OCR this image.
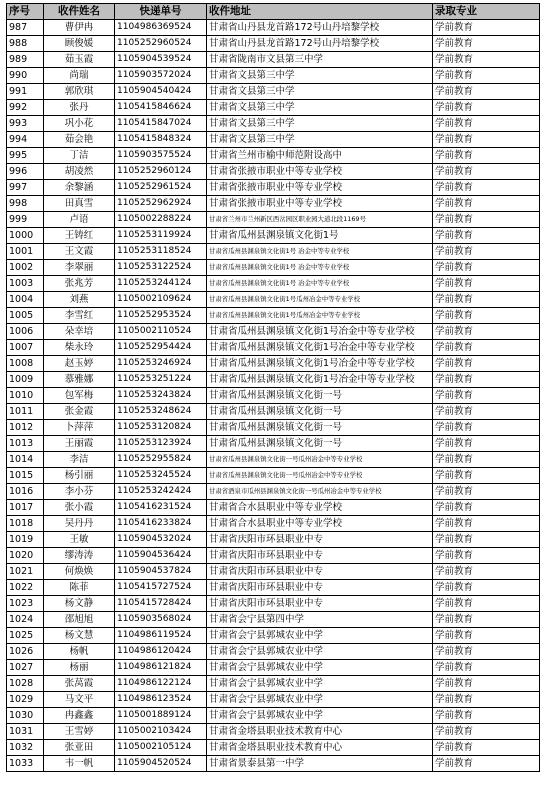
序号	收件姓名	快递单号	收件地址	录取专业
987	曹伊冉	1104986369524	甘肃省山丹县龙首路172号山丹培黎学校	学前教育
988	顾俊媛	1105252960524	甘肃省山丹县龙首路172号山丹培黎学校	学前教育
989	茹玉霞	1105904539524	甘肃省陇南市文县第三中学	学前教育
990	尚瑞	1105903572024	甘肃省文县第三中学	学前教育
991	郭欣琪	1105904540424	甘肃省文县第三中学	学前教育
992	张丹	1105415846624	甘肃省文县第三中学	学前教育
993	巩小花	1105415847024	甘肃省文县第三中学	学前教育
994	茹会艳	1105415848324	甘肃省文县第三中学	学前教育
995	丁洁	1105903575524	甘肃省兰州市榆中师范附设高中	学前教育
996	胡凌然	1105252960124	甘肃省张掖市职业中等专业学校	学前教育
997	余黎涵	1105252961524	甘肃省张掖市职业中等专业学校	学前教育
998	田真雪	1105252962924	甘肃省张掖市职业中等专业学校	学前教育
999	卢语	1105002288224	甘肃省兰州市兰州新区西岔园区职业园大道北段1169号	学前教育
1000	王铸红	1105253119924	甘肃省瓜州县渊泉镇文化街1号	学前教育
1001	王文霞	1105253118524	甘肃省瓜州县渊泉镇文化街1号 冶金中等专业学校	学前教育
1002	李翠丽	1105253122524	甘肃省瓜州县渊泉镇文化街1号 冶金中等专业学校	学前教育
1003	张兆芳	1105253244124	甘肃省瓜州县渊泉镇文化街1号 冶金中等专业学校	学前教育
1004	刘燕	1105002109624	甘肃省瓜州县渊泉镇文化街1号瓜州冶金中等专业学校	学前教育
1005	李雪红	1105252953524	甘肃省瓜州县渊泉镇文化街1号瓜州冶金中等专业学校	学前教育
1006	朵幸培	1105002110524	甘肃省瓜州县渊泉镇文化街1号冶金中等专业学校	学前教育
1007	柴永玲	1105252954424	甘肃省瓜州县渊泉镇文化街1号冶金中等专业学校	学前教育
1008	赵玉婷	1105253246924	甘肃省瓜州县渊泉镇文化街1号冶金中等专业学校	学前教育
1009	慕雅娜	1105253251224	甘肃省瓜州县渊泉镇文化街1号冶金中等专业学校	学前教育
1010	包军梅	1105253243824	甘肃省瓜州县渊泉镇文化街一号	学前教育
1011	张金霞	1105253248624	甘肃省瓜州县渊泉镇文化街一号	学前教育
1012	卜萍萍	1105253120824	甘肃省瓜州县渊泉镇文化街一号	学前教育
1013	王丽霞	1105253123924	甘肃省瓜州县渊泉镇文化街一号	学前教育
1014	李洁	1105252955824	甘肃省瓜州县渊泉镇文化街一号瓜州冶金中等专业学校	学前教育
1015	杨引丽	1105253245524	甘肃省瓜州县渊泉镇文化街一号瓜州冶金中等专业学校	学前教育
1016	李小芬	1105253242424	甘肃省酒泉市瓜州县渊泉镇文化街一号瓜州冶金中等专业学校	学前教育
1017	张小霞	1105416231524	甘肃省合水县职业中等专业学校	学前教育
1018	吴丹丹	1105416233824	甘肃省合水县职业中等专业学校	学前教育
1019	王敏	1105904532024	甘肃省庆阳市环县职业中专	学前教育
1020	缪涛涛	1105904536424	甘肃省庆阳市环县职业中专	学前教育
1021	何焕焕	1105904537824	甘肃省庆阳市环县职业中专	学前教育
1022	陈菲	1105415727524	甘肃省庆阳市环县职业中专	学前教育
1023	杨文静	1105415728424	甘肃省庆阳市环县职业中专	学前教育
1024	邵旭旭	1105903568024	甘肃省会宁县第四中学	学前教育
1025	杨文慧	1104986119524	甘肃省会宁县郭城农业中学	学前教育
1026	杨帆	1104986120424	甘肃省会宁县郭城农业中学	学前教育
1027	杨丽	1104986121824	甘肃省会宁县郭城农业中学	学前教育
1028	张莴霞	1104986122124	甘肃省会宁县郭城农业中学	学前教育
1029	马文平	1104986123524	甘肃省会宁县郭城农业中学	学前教育
1030	冉鑫鑫	1105001889124	甘肃省会宁县郭城农业中学	学前教育
1031	王雪婷	1105002103424	甘肃省金塔县职业技术教育中心	学前教育
1032	张亚田	1105002105124	甘肃省金塔县职业技术教育中心	学前教育
1033	韦一帆	1105904520524	甘肃省景泰县第一中学	学前教育
